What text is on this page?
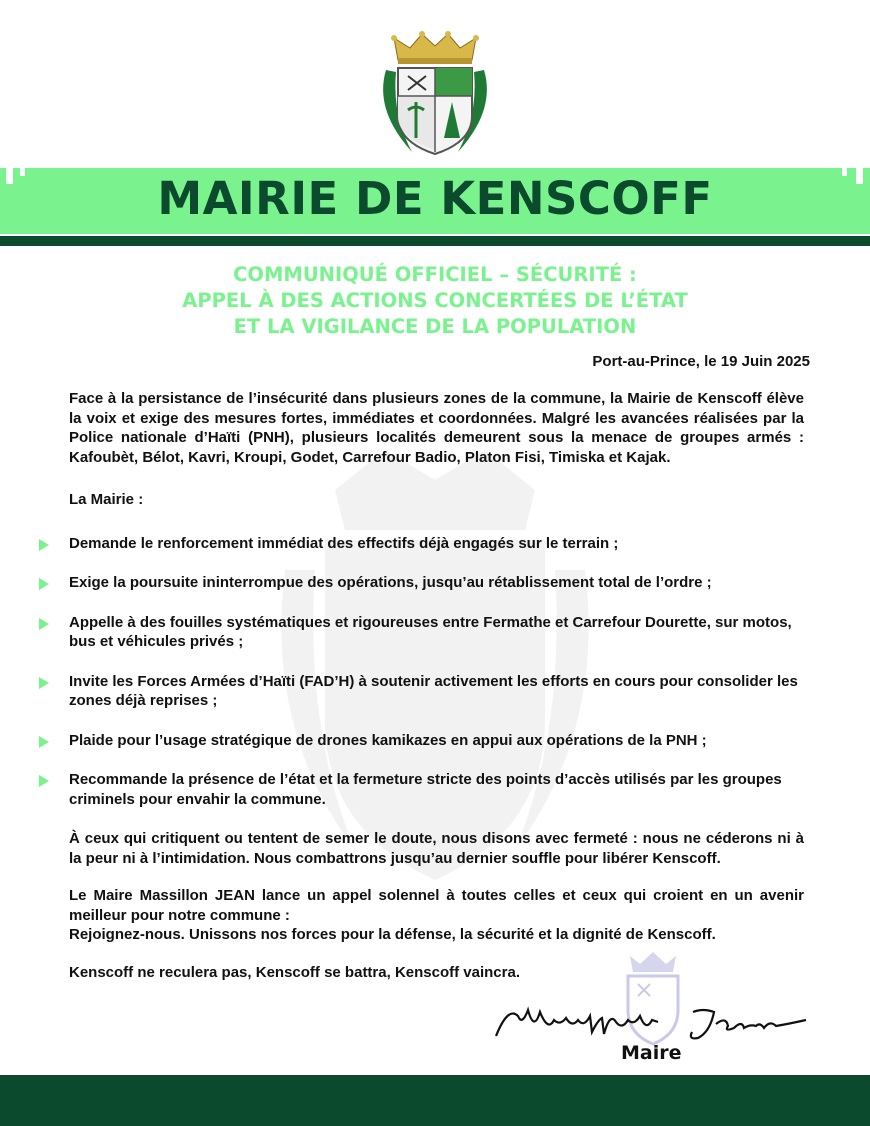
MAIRIE DE KENSCOFF
COMMUNIQUÉ OFFICIEL – SÉCURITÉ :
APPEL À DES ACTIONS CONCERTÉES DE L’ÉTAT
ET LA VIGILANCE DE LA POPULATION
Port-au-Prince, le 19 Juin 2025

Face à la persistance de l’insécurité dans plusieurs zones de la commune, la Mairie de Kenscoff élève la voix et exige des mesures fortes, immédiates et coordonnées. Malgré les avancées réalisées par la Police nationale d’Haïti (PNH), plusieurs localités demeurent sous la menace de groupes armés : Kafoubèt, Bélot, Kavri, Kroupi, Godet, Carrefour Badio, Platon Fisi, Timiska et Kajak.

La Mairie :

Demande le renforcement immédiat des effectifs déjà engagés sur le terrain ;
Exige la poursuite ininterrompue des opérations, jusqu’au rétablissement total de l’ordre ;
Appelle à des fouilles systématiques et rigoureuses entre Fermathe et Carrefour Dourette, sur motos, bus et véhicules privés ;
Invite les Forces Armées d’Haïti (FAD’H) à soutenir activement les efforts en cours pour consolider les zones déjà reprises ;
Plaide pour l’usage stratégique de drones kamikazes en appui aux opérations de la PNH ;
Recommande la présence de l’état et la fermeture stricte des points d’accès utilisés par les groupes criminels pour envahir la commune.

À ceux qui critiquent ou tentent de semer le doute, nous disons avec fermeté : nous ne céderons ni à la peur ni à l’intimidation. Nous combattrons jusqu’au dernier souffle pour libérer Kenscoff.

Le Maire Massillon JEAN lance un appel solennel à toutes celles et ceux qui croient en un avenir meilleur pour notre commune :

Rejoignez-nous. Unissons nos forces pour la défense, la sécurité et la dignité de Kenscoff.

Kenscoff ne reculera pas, Kenscoff se battra, Kenscoff vaincra.

Maire
